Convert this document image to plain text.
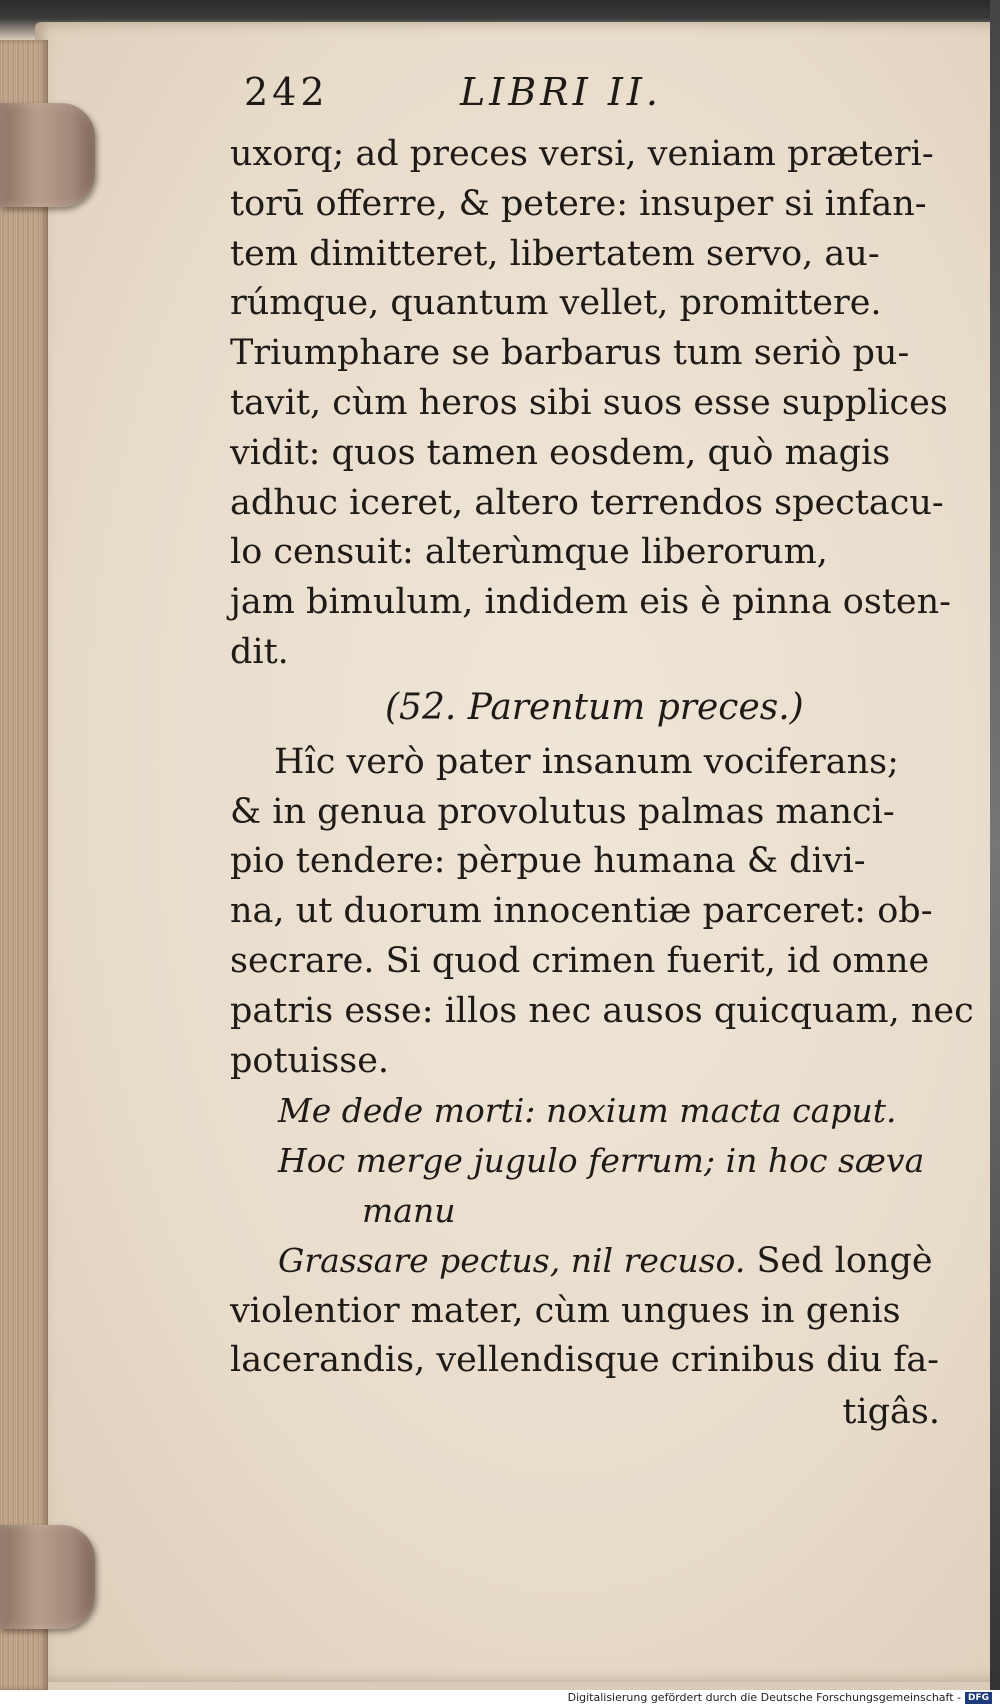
242	LIBRI II.
uxorq; ad preces versi, veniam præteri-
torū offerre, & petere: insuper si infan-
tem dimitteret, libertatem servo, au-
rúmque, quantum vellet, promittere.
Triumphare se barbarus tum seriò pu-
tavit, cùm heros sibi suos esse supplices
vidit: quos tamen eosdem, quò magis
adhuc iceret, altero terrendos spectacu-
lo censuit: alterùmque liberorum,
jam bimulum, indidem eis è pinna osten-
dit.
(52. Parentum preces.)
Hîc verò pater insanum vociferans;
& in genua provolutus palmas manci-
pio tendere: pèrpue humana & divi-
na, ut duorum innocentiæ parceret: ob-
secrare. Si quod crimen fuerit, id omne
patris esse: illos nec ausos quicquam, nec
potuisse.
Me dede morti: noxium macta caput.
Hoc merge jugulo ferrum; in hoc sæva
manu
Grassare pectus, nil recuso. Sed longè
violentior mater, cùm ungues in genis
lacerandis, vellendisque crinibus diu fa-
tigâs.
Digitalisierung gefördert durch die Deutsche Forschungsgemeinschaft - DFG
